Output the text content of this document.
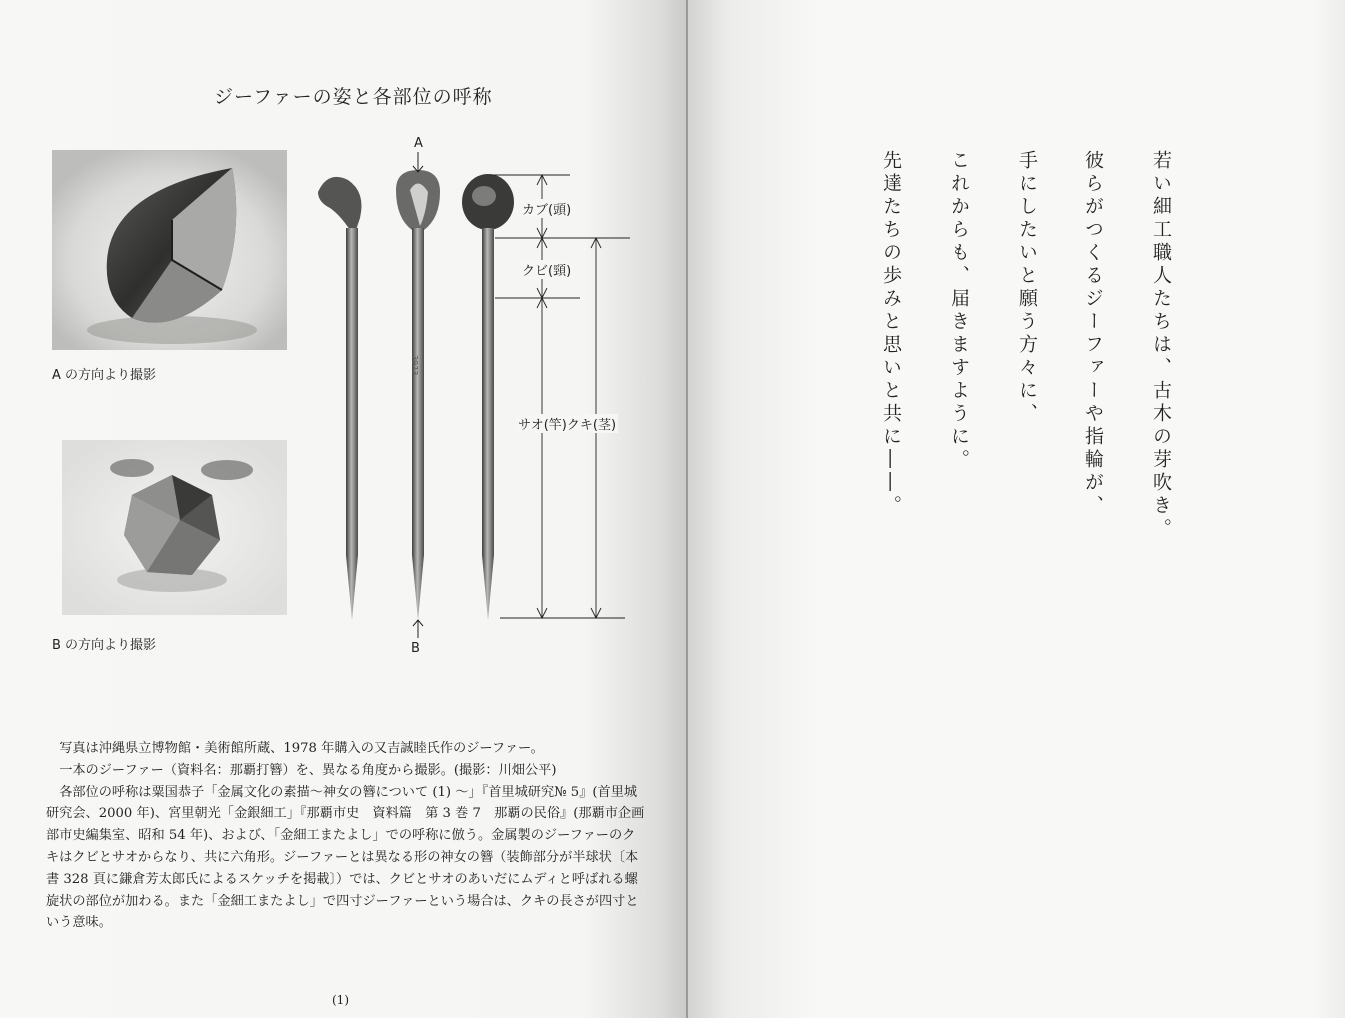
ジーファーの姿と各部位の呼称
A の方向より撮影
B の方向より撮影
3973
A
B
カブ(頭)
クビ(頸)
サオ(竿)クキ(茎)

写真は沖縄県立博物館・美術館所蔵、1978 年購入の又吉誠睦氏作のジーファー。

一本のジーファー（資料名：那覇打簪）を、異なる角度から撮影。(撮影：川畑公平)

各部位の呼称は粟国恭子「金属文化の素描〜神女の簪について (1) 〜」『首里城研究№ 5』(首里城研究会、2000 年)、宮里朝光「金銀細工」『那覇市史　資料篇　第 3 巻 7　那覇の民俗』(那覇市企画部市史編集室、昭和 54 年)、および、「金細工またよし」での呼称に倣う。金属製のジーファーのクキはクビとサオからなり、共に六角形。ジーファーとは異なる形の神女の簪（装飾部分が半球状〔本書 328 頁に鎌倉芳太郎氏によるスケッチを掲載〕）では、クビとサオのあいだにムディと呼ばれる螺旋状の部位が加わる。また「金細工またよし」で四寸ジーファーという場合は、クキの長さが四寸という意味。

(1)
若い細工職人たちは、古木の芽吹き。
彼らがつくるジーファーや指輪が、
手にしたいと願う方々に、
これからも、届きますように。
先達たちの歩みと思いと共に――。
